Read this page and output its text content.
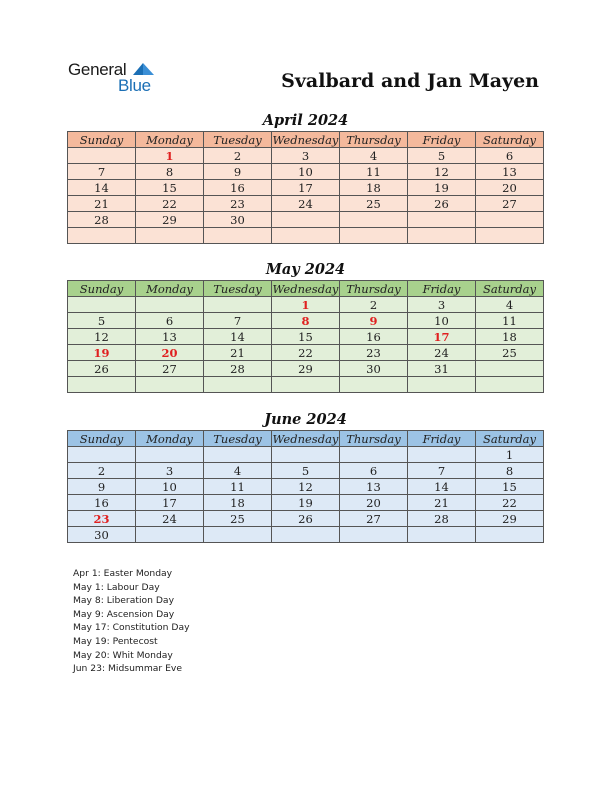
General
Blue	Svalbard and Jan Mayen
April 2024
Sunday	Monday	Tuesday	Wednesday	Thursday	Friday	Saturday
	1	2	3	4	5	6
7	8	9	10	11	12	13
14	15	16	17	18	19	20
21	22	23	24	25	26	27
28	29	30				

May 2024
Sunday	Monday	Tuesday	Wednesday	Thursday	Friday	Saturday
			1	2	3	4
5	6	7	8	9	10	11
12	13	14	15	16	17	18
19	20	21	22	23	24	25
26	27	28	29	30	31	

June 2024
Sunday	Monday	Tuesday	Wednesday	Thursday	Friday	Saturday
						1
2	3	4	5	6	7	8
9	10	11	12	13	14	15
16	17	18	19	20	21	22
23	24	25	26	27	28	29
30						
Apr 1: Easter Monday
May 1: Labour Day
May 8: Liberation Day
May 9: Ascension Day
May 17: Constitution Day
May 19: Pentecost
May 20: Whit Monday
Jun 23: Midsummar Eve
